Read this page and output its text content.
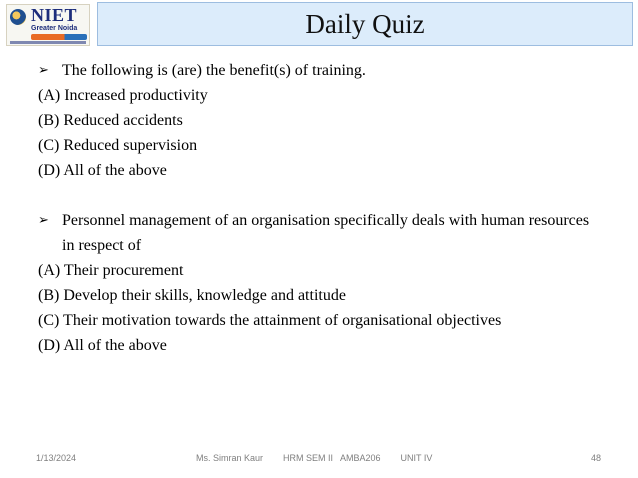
NIET
Greater Noida	Daily Quiz
➢ The following is (are) the benefit(s) of training.
(A) Increased productivity
(B) Reduced accidents
(C) Reduced supervision
(D) All of the above
➢ Personnel management of an organisation specifically deals with human resources in respect of
(A) Their procurement
(B) Develop their skills, knowledge and attitude
(C) Their motivation towards the attainment of organisational objectives
(D) All of the above
1/13/2024	Ms. Simran Kaur        HRM SEM II   AMBA206        UNIT IV	48
